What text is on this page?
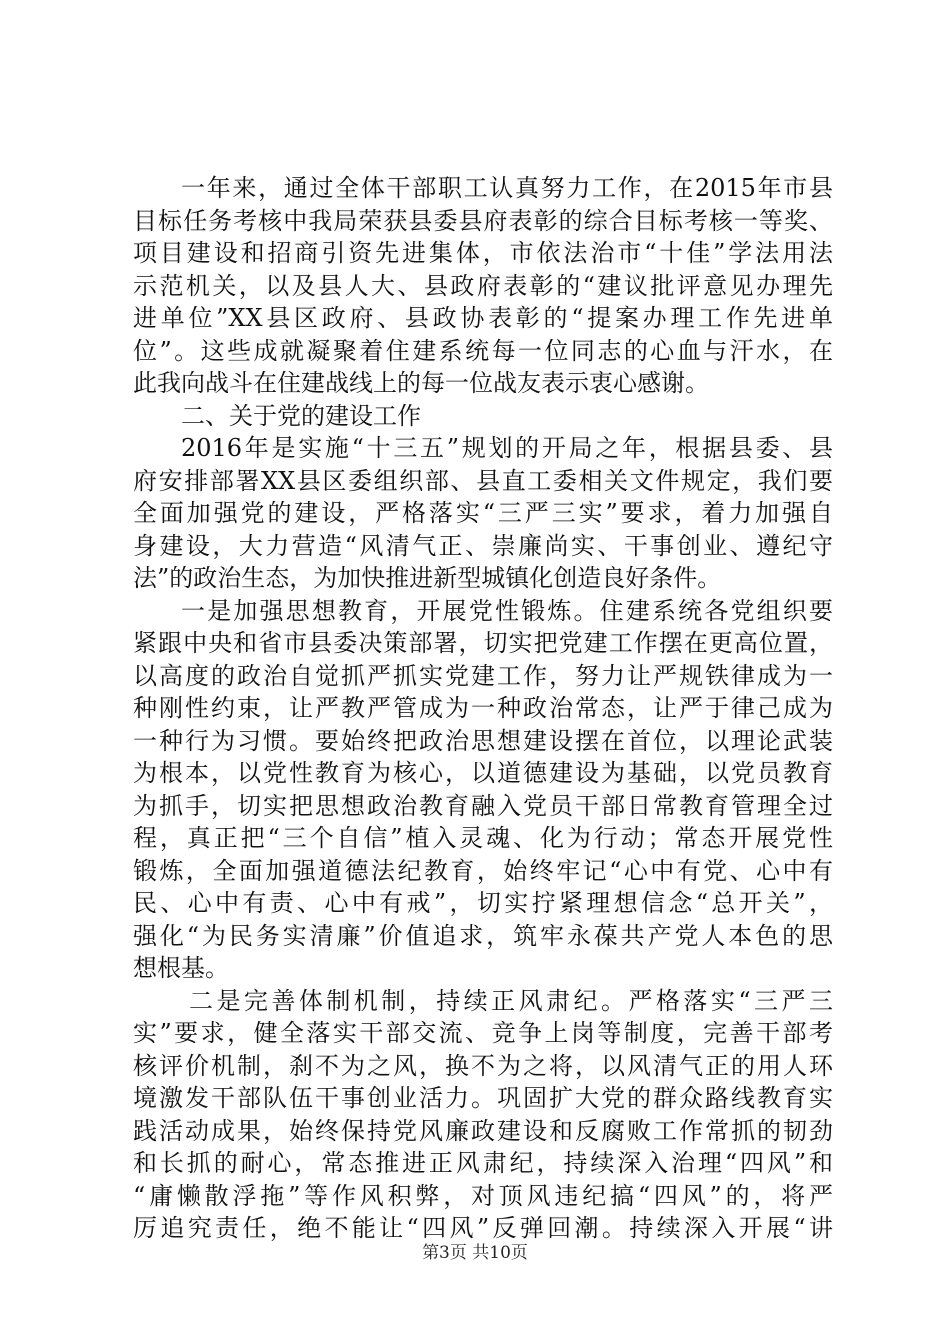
一年来，通过全体干部职工认真努力工作，在2015年市县
目标任务考核中我局荣获县委县府表彰的综合目标考核一等奖、
项目建设和招商引资先进集体，市依法治市“十佳”学法用法
示范机关，以及县人大、县政府表彰的“建议批评意见办理先
进单位”XX县区政府、县政协表彰的“提案办理工作先进单
位”。这些成就凝聚着住建系统每一位同志的心血与汗水，在
此我向战斗在住建战线上的每一位战友表示衷心感谢。
二、关于党的建设工作
2016年是实施“十三五”规划的开局之年，根据县委、县
府安排部署XX县区委组织部、县直工委相关文件规定，我们要
全面加强党的建设，严格落实“三严三实”要求，着力加强自
身建设，大力营造“风清气正、崇廉尚实、干事创业、遵纪守
法”的政治生态，为加快推进新型城镇化创造良好条件。
一是加强思想教育，开展党性锻炼。住建系统各党组织要
紧跟中央和省市县委决策部署，切实把党建工作摆在更高位置，
以高度的政治自觉抓严抓实党建工作，努力让严规铁律成为一
种刚性约束，让严教严管成为一种政治常态，让严于律己成为
一种行为习惯。要始终把政治思想建设摆在首位，以理论武装
为根本，以党性教育为核心，以道德建设为基础，以党员教育
为抓手，切实把思想政治教育融入党员干部日常教育管理全过
程，真正把“三个自信”植入灵魂、化为行动；常态开展党性
锻炼，全面加强道德法纪教育，始终牢记“心中有党、心中有
民、心中有责、心中有戒”，切实拧紧理想信念“总开关”，
强化“为民务实清廉”价值追求，筑牢永葆共产党人本色的思
想根基。
二是完善体制机制，持续正风肃纪。严格落实“三严三
实”要求，健全落实干部交流、竞争上岗等制度，完善干部考
核评价机制，刹不为之风，换不为之将，以风清气正的用人环
境激发干部队伍干事创业活力。巩固扩大党的群众路线教育实
践活动成果，始终保持党风廉政建设和反腐败工作常抓的韧劲
和长抓的耐心，常态推进正风肃纪，持续深入治理“四风”和
“庸懒散浮拖”等作风积弊，对顶风违纪搞“四风”的，将严
厉追究责任，绝不能让“四风”反弹回潮。持续深入开展“讲
第3页 共10页
